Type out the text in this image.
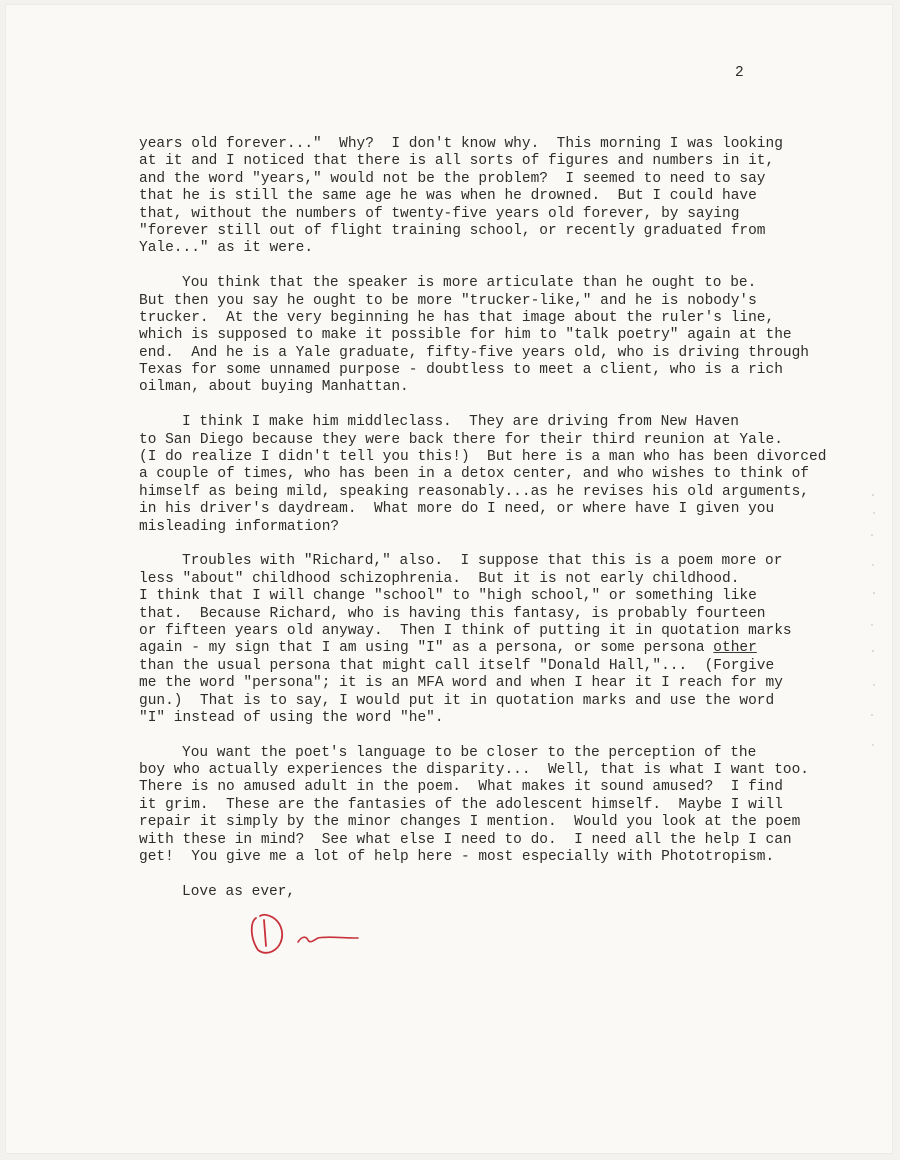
2
years old forever..."  Why?  I don't know why.  This morning I was looking
at it and I noticed that there is all sorts of figures and numbers in it,
and the word "years," would not be the problem?  I seemed to need to say
that he is still the same age he was when he drowned.  But I could have
that, without the numbers of twenty-five years old forever, by saying
"forever still out of flight training school, or recently graduated from
Yale..." as it were.
You think that the speaker is more articulate than he ought to be.
But then you say he ought to be more "trucker-like," and he is nobody's
trucker.  At the very beginning he has that image about the ruler's line,
which is supposed to make it possible for him to "talk poetry" again at the
end.  And he is a Yale graduate, fifty-five years old, who is driving through
Texas for some unnamed purpose - doubtless to meet a client, who is a rich
oilman, about buying Manhattan.
I think I make him middleclass.  They are driving from New Haven
to San Diego because they were back there for their third reunion at Yale.
(I do realize I didn't tell you this!)  But here is a man who has been divorced
a couple of times, who has been in a detox center, and who wishes to think of
himself as being mild, speaking reasonably...as he revises his old arguments,
in his driver's daydream.  What more do I need, or where have I given you
misleading information?
Troubles with "Richard," also.  I suppose that this is a poem more or
less "about" childhood schizophrenia.  But it is not early childhood.
I think that I will change "school" to "high school," or something like
that.  Because Richard, who is having this fantasy, is probably fourteen
or fifteen years old anyway.  Then I think of putting it in quotation marks
again - my sign that I am using "I" as a persona, or some persona other
than the usual persona that might call itself "Donald Hall,"...  (Forgive
me the word "persona"; it is an MFA word and when I hear it I reach for my
gun.)  That is to say, I would put it in quotation marks and use the word
"I" instead of using the word "he".
You want the poet's language to be closer to the perception of the
boy who actually experiences the disparity...  Well, that is what I want too.
There is no amused adult in the poem.  What makes it sound amused?  I find
it grim.  These are the fantasies of the adolescent himself.  Maybe I will
repair it simply by the minor changes I mention.  Would you look at the poem
with these in mind?  See what else I need to do.  I need all the help I can
get!  You give me a lot of help here - most especially with Phototropism.
Love as ever,
